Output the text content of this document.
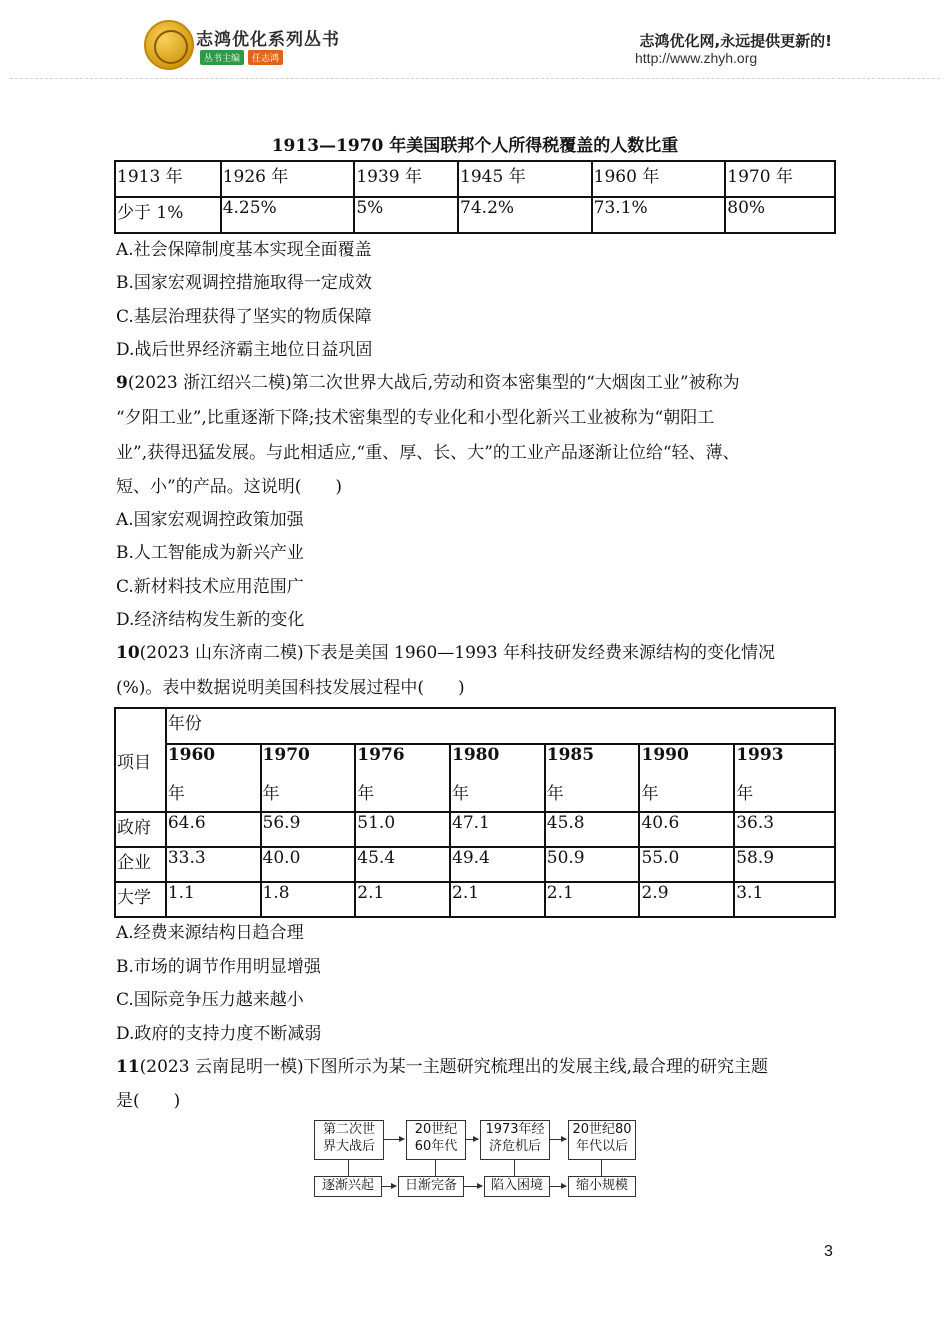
志鸿优化系列丛书
丛书主编	任志鸿
志鸿优化网,永远提供更新的!
http://www.zhyh.org
1913—1970 年美国联邦个人所得税覆盖的人数比重
1913 年	1926 年	1939 年	1945 年	1960 年	1970 年
少于 1%	4.25%	5%	74.2%	73.1%	80%
A.社会保障制度基本实现全面覆盖
B.国家宏观调控措施取得一定成效
C.基层治理获得了坚实的物质保障
D.战后世界经济霸主地位日益巩固
9(2023 浙江绍兴二模)第二次世界大战后,劳动和资本密集型的“大烟囱工业”被称为
“夕阳工业”,比重逐渐下降;技术密集型的专业化和小型化新兴工业被称为“朝阳工
业”,获得迅猛发展。与此相适应,“重、厚、长、大”的工业产品逐渐让位给“轻、薄、
短、小”的产品。这说明(　　)
A.国家宏观调控政策加强
B.人工智能成为新兴产业
C.新材料技术应用范围广
D.经济结构发生新的变化
10(2023 山东济南二模)下表是美国 1960—1993 年科技研发经费来源结构的变化情况
(%)。表中数据说明美国科技发展过程中(　　)
项目	年份						
	1960	1970	1976	1980	1985	1990	1993
	年	年	年	年	年	年	年
政府	64.6	56.9	51.0	47.1	45.8	40.6	36.3
企业	33.3	40.0	45.4	49.4	50.9	55.0	58.9
大学	1.1	1.8	2.1	2.1	2.1	2.9	3.1
A.经费来源结构日趋合理
B.市场的调节作用明显增强
C.国际竞争压力越来越小
D.政府的支持力度不断减弱
11(2023 云南昆明一模)下图所示为某一主题研究梳理出的发展主线,最合理的研究主题
是(　　)
第二次世
界大战后
20世纪
60年代
1973年经
济危机后
20世纪80
年代以后
逐渐兴起	日渐完备	陷入困境	缩小规模
3
